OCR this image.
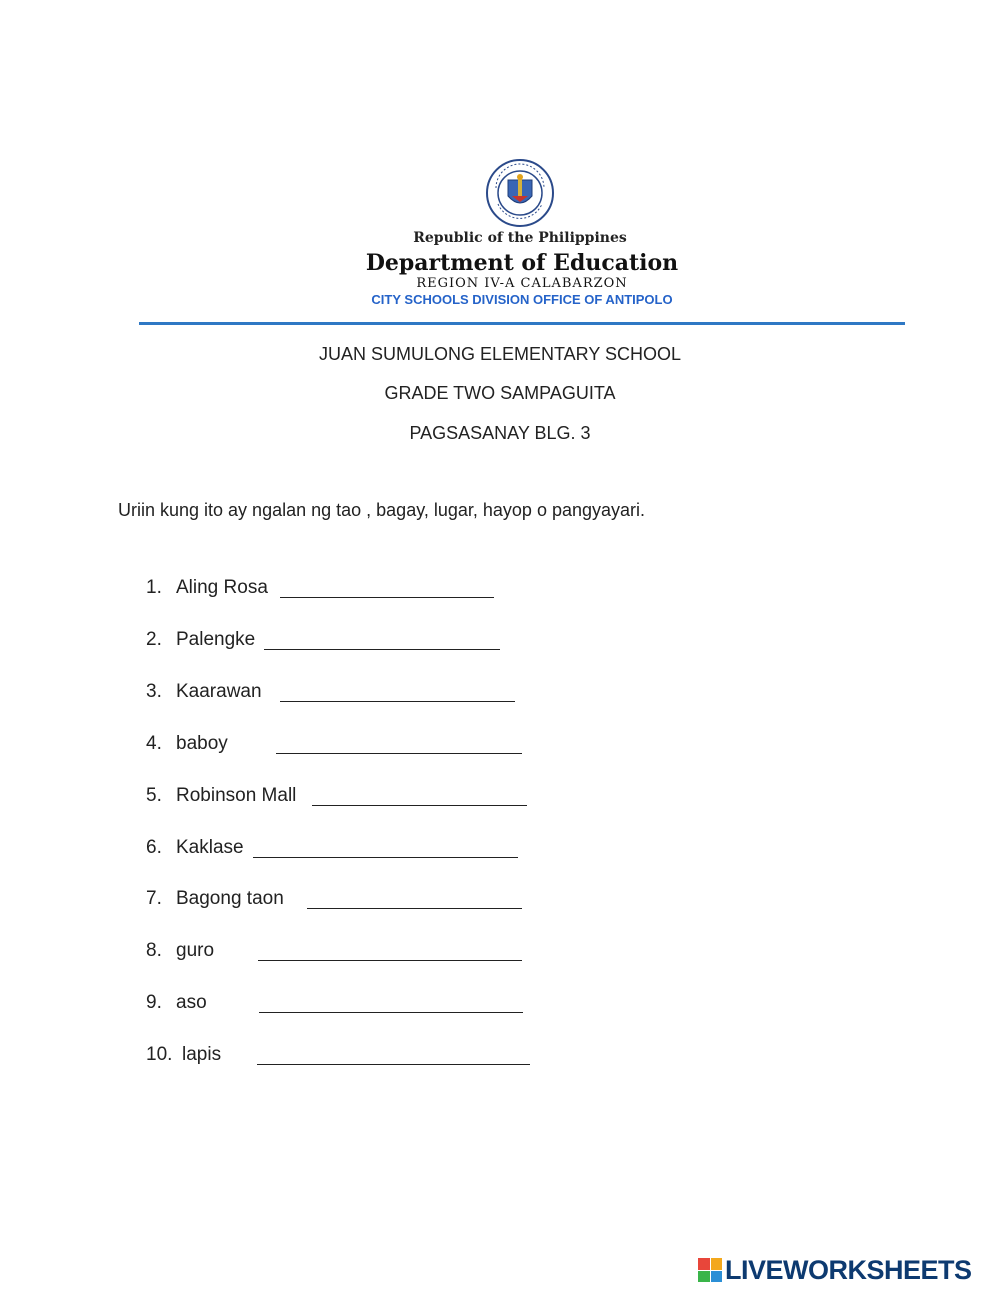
Republic of the Philippines
Department of Education
REGION IV-A CALABARZON
CITY SCHOOLS DIVISION OFFICE OF ANTIPOLO
JUAN SUMULONG ELEMENTARY SCHOOL
GRADE TWO SAMPAGUITA
PAGSASANAY BLG. 3
Uriin kung ito ay ngalan ng tao , bagay, lugar, hayop o pangyayari.
1. Aling Rosa
2. Palengke
3. Kaarawan
4. baboy
5. Robinson Mall
6. Kaklase
7. Bagong taon
8. guro
9. aso
10. lapis
LIVEWORKSHEETS
